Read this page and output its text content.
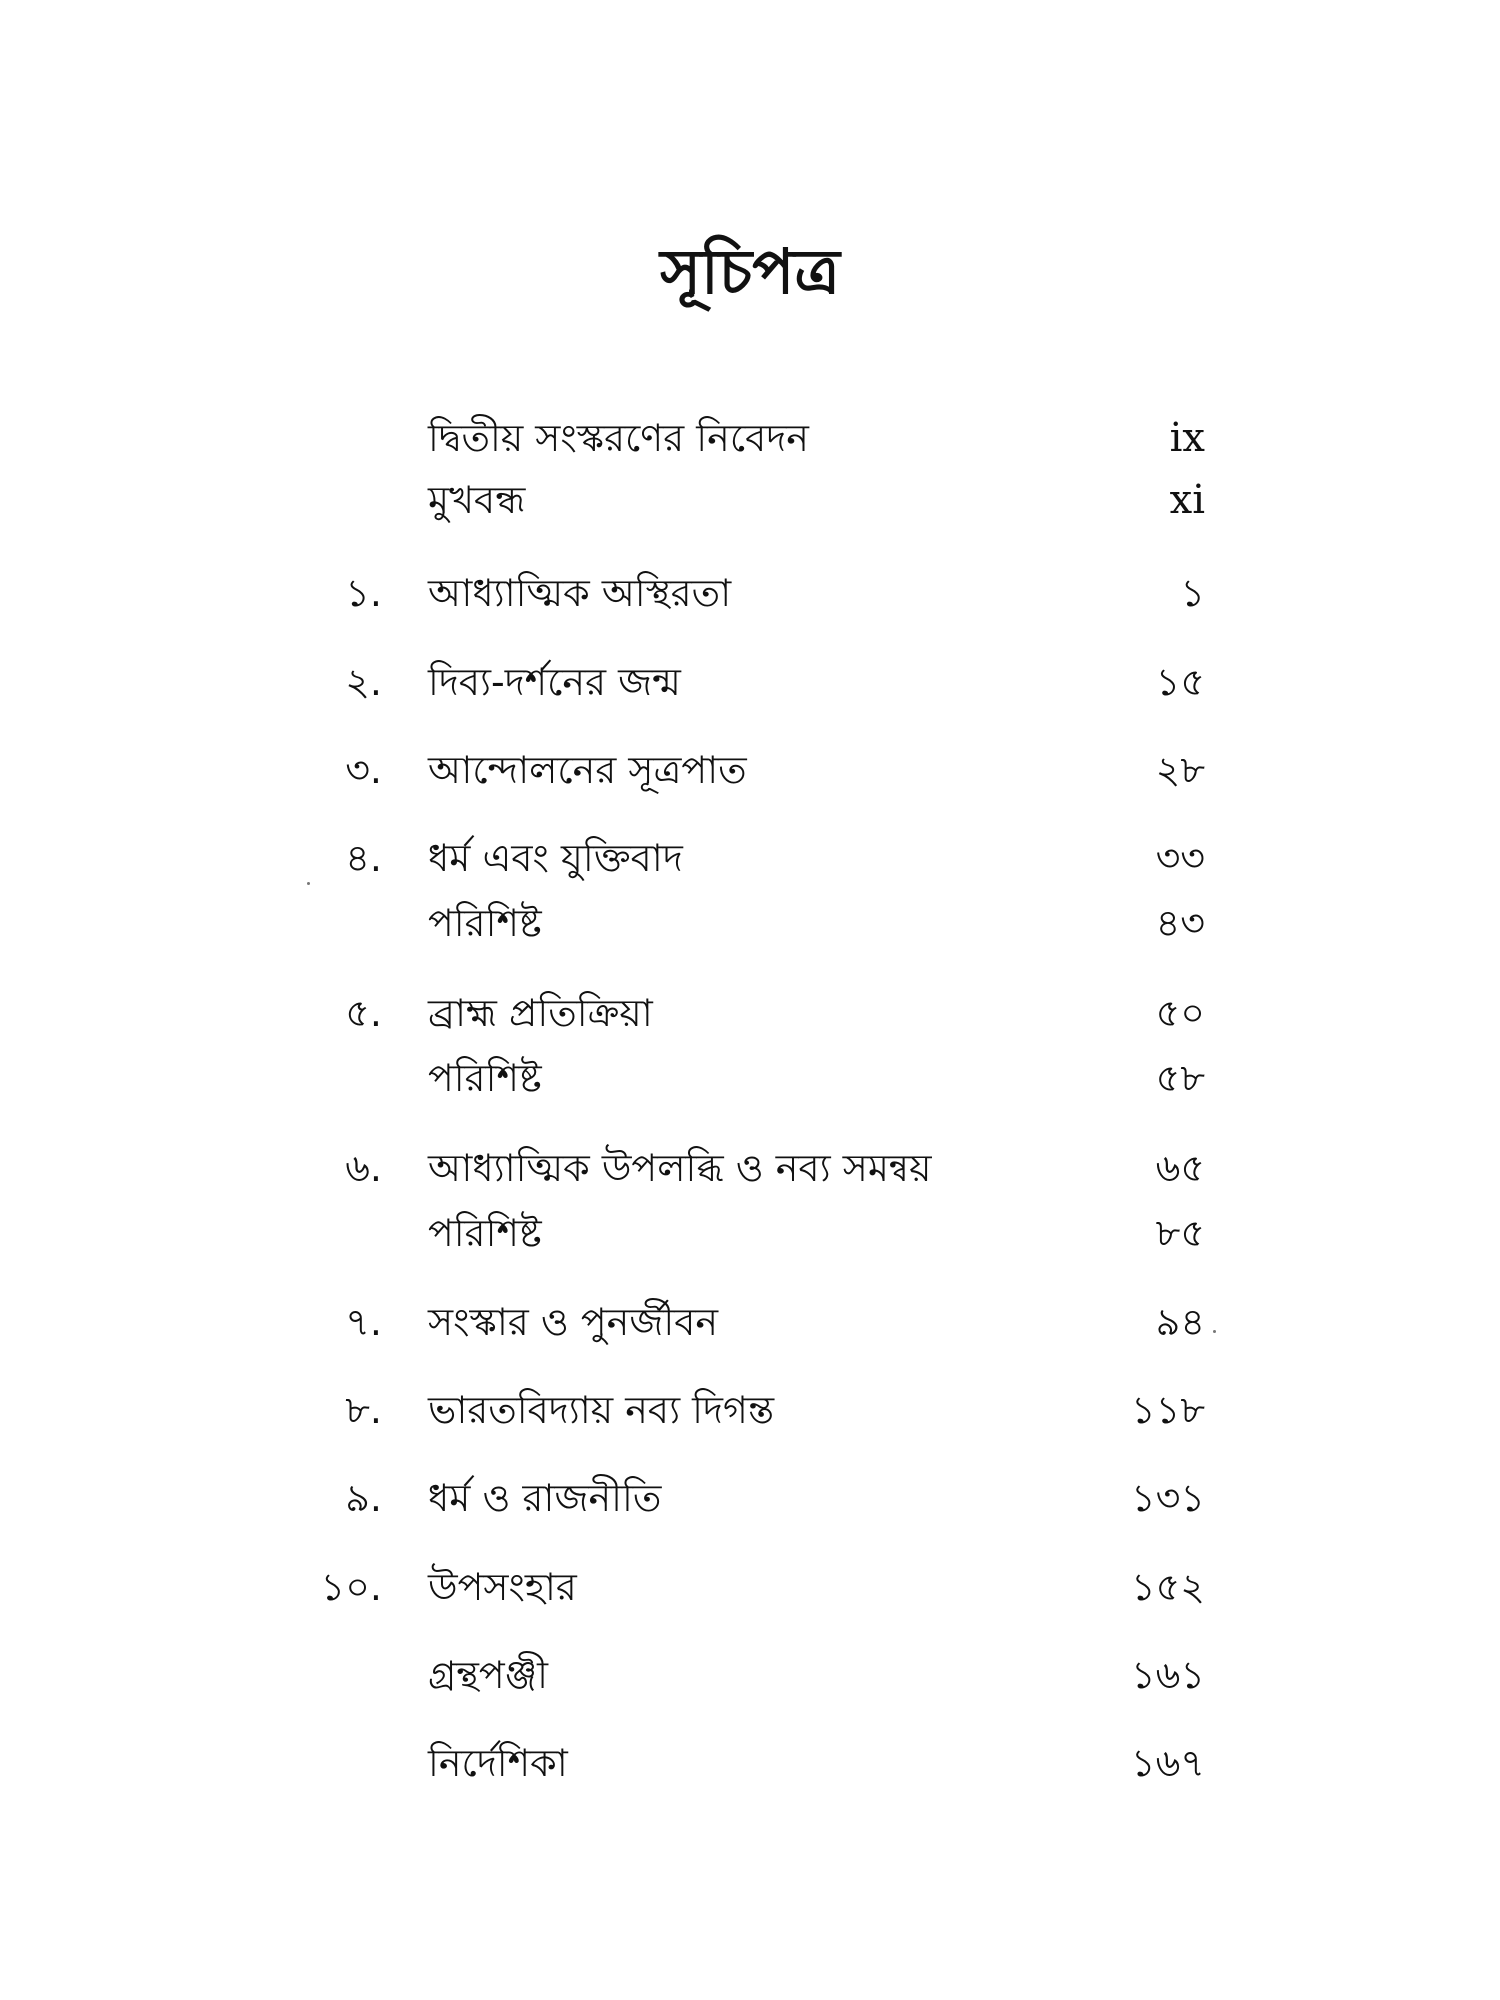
সূচিপত্র
দ্বিতীয় সংস্করণের নিবেদন	ix
মুখবন্ধ	xi
১. আধ্যাত্মিক অস্থিরতা	১
২. দিব্য-দর্শনের জন্ম	১৫
৩. আন্দোলনের সূত্রপাত	২৮
৪. ধর্ম এবং যুক্তিবাদ	৩৩
পরিশিষ্ট	৪৩
৫. ব্রাহ্ম প্রতিক্রিয়া	৫০
পরিশিষ্ট	৫৮
৬. আধ্যাত্মিক উপলব্ধি ও নব্য সমন্বয়	৬৫
পরিশিষ্ট	৮৫
৭. সংস্কার ও পুনর্জীবন	৯৪
৮. ভারতবিদ্যায় নব্য দিগন্ত	১১৮
৯. ধর্ম ও রাজনীতি	১৩১
১০. উপসংহার	১৫২
গ্রন্থপঞ্জী	১৬১
নির্দেশিকা	১৬৭
